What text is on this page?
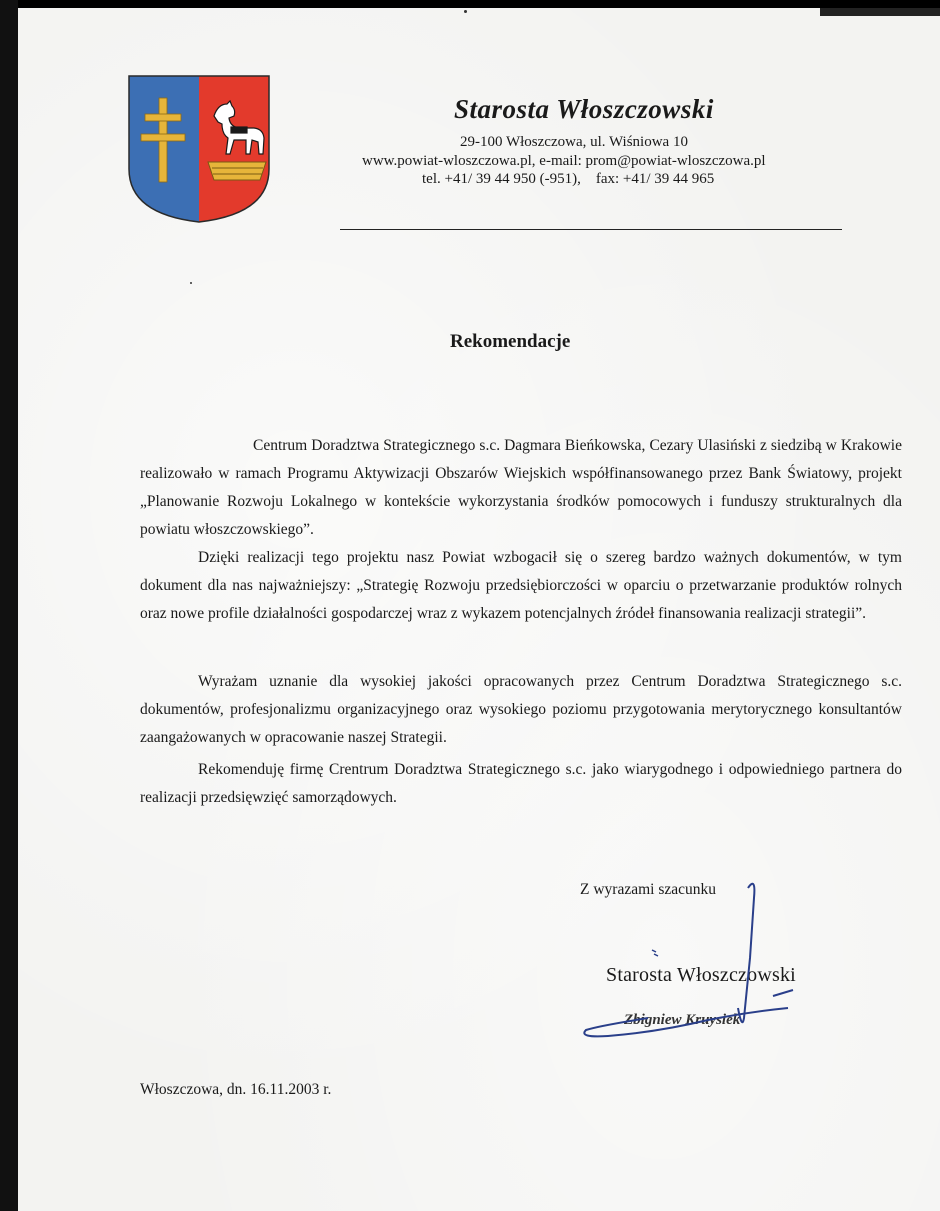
Starosta Włoszczowski
29-100 Włoszczowa, ul. Wiśniowa 10
www.powiat-wloszczowa.pl, e-mail: prom@powiat-wloszczowa.pl
tel. +41/ 39 44 950 (-951),    fax: +41/ 39 44 965
Rekomendacje
Centrum Doradztwa Strategicznego s.c. Dagmara Bieńkowska, Cezary Ulasiński z siedzibą w Krakowie realizowało w ramach Programu Aktywizacji Obszarów Wiejskich współfinansowanego przez Bank Światowy, projekt „Planowanie Rozwoju Lokalnego w kontekście wykorzystania środków pomocowych i funduszy strukturalnych dla powiatu włoszczowskiego”.
Dzięki realizacji tego projektu nasz Powiat wzbogacił się o szereg bardzo ważnych dokumentów, w tym dokument dla nas najważniejszy: „Strategię Rozwoju przedsiębiorczości w oparciu o przetwarzanie produktów rolnych oraz nowe profile działalności gospodarczej wraz z wykazem potencjalnych źródeł finansowania realizacji strategii”.
Wyrażam uznanie dla wysokiej jakości opracowanych przez Centrum Doradztwa Strategicznego s.c. dokumentów, profesjonalizmu organizacyjnego oraz wysokiego poziomu przygotowania merytorycznego konsultantów zaangażowanych w opracowanie naszej Strategii.
Rekomenduję firmę Crentrum Doradztwa Strategicznego s.c. jako wiarygodnego i odpowiedniego partnera do realizacji przedsięwzięć samorządowych.
Z wyrazami szacunku
Starosta Włoszczowski
Zbigniew Kruysiek
Włoszczowa, dn. 16.11.2003 r.
